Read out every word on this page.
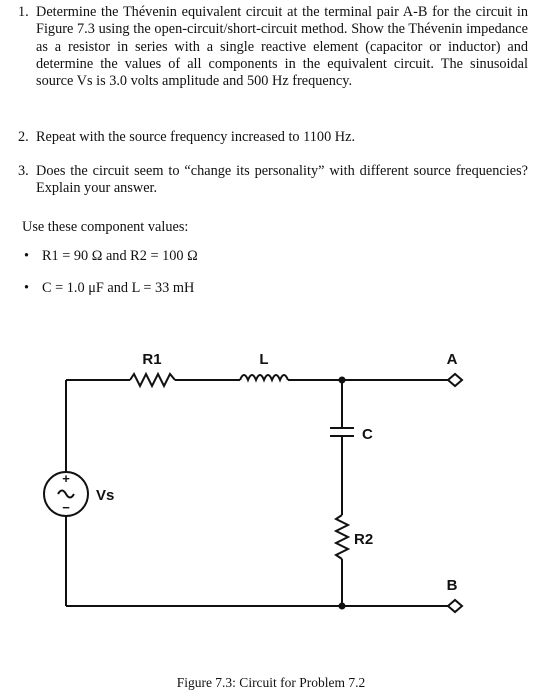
1. Determine the Thévenin equivalent circuit at the terminal pair A-B for the circuit in Figure 7.3 using the open-circuit/short-circuit method. Show the Thévenin impedance as a resistor in series with a single reactive element (capacitor or inductor) and determine the values of all components in the equivalent circuit. The sinusoidal source Vs is 3.0 volts amplitude and 500 Hz frequency.
2. Repeat with the source frequency increased to 1100 Hz.
3. Does the circuit seem to “change its personality” with different source frequencies? Explain your answer.
Use these component values:
• R1 = 90 Ω and R2 = 100 Ω
• C = 1.0 μF and L = 33 mH
R1	L	A
C
Vs
R2
B
+
−
Figure 7.3: Circuit for Problem 7.2
